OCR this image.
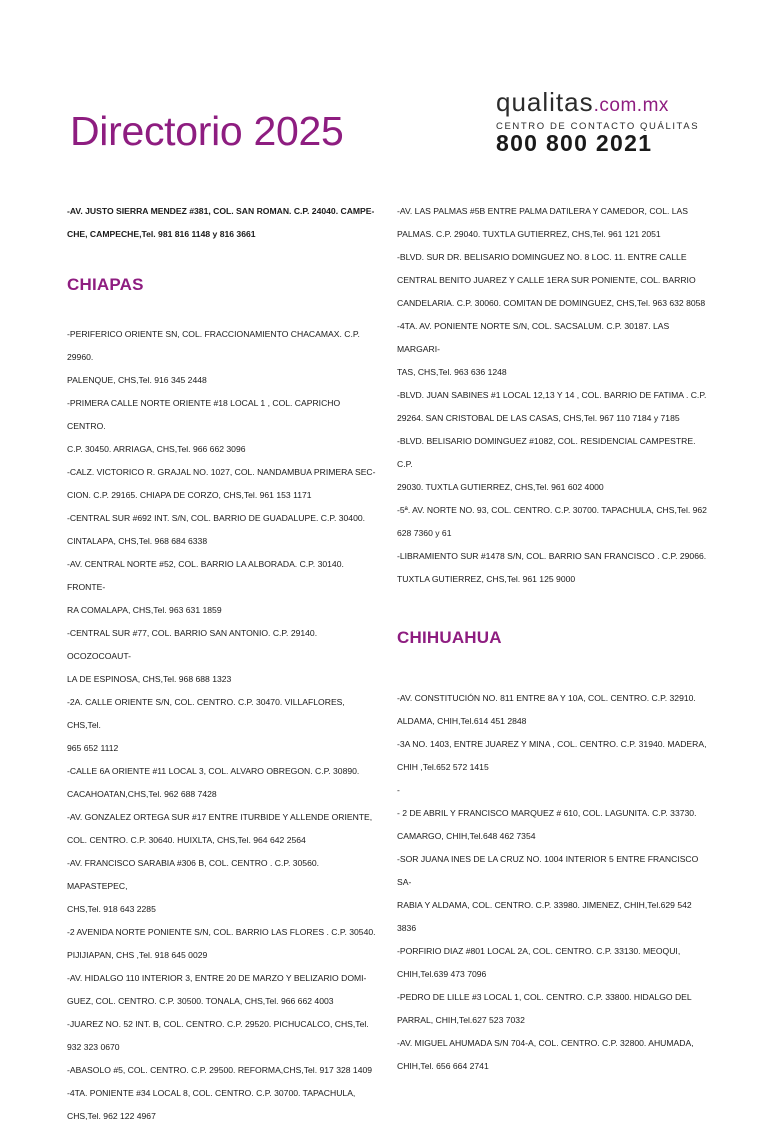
Directorio 2025
qualitas.com.mx
CENTRO DE CONTACTO QUÁLITAS
800 800 2021
-AV. JUSTO SIERRA MENDEZ #381, COL. SAN ROMAN. C.P. 24040. CAMPE-
CHE, CAMPECHE,Tel. 981 816 1148 y 816 3661
CHIAPAS
-PERIFERICO ORIENTE SN, COL. FRACCIONAMIENTO CHACAMAX. C.P. 29960.
PALENQUE, CHS,Tel. 916 345 2448
-PRIMERA CALLE NORTE ORIENTE #18 LOCAL 1 , COL. CAPRICHO CENTRO.
C.P. 30450. ARRIAGA, CHS,Tel. 966 662 3096
-CALZ. VICTORICO R. GRAJAL NO. 1027, COL. NANDAMBUA PRIMERA SEC-
CION. C.P. 29165. CHIAPA DE CORZO, CHS,Tel. 961 153 1171
-CENTRAL SUR #692 INT. S/N, COL. BARRIO DE GUADALUPE. C.P. 30400.
CINTALAPA, CHS,Tel. 968 684 6338
-AV. CENTRAL NORTE #52, COL. BARRIO LA ALBORADA. C.P. 30140. FRONTE-
RA COMALAPA, CHS,Tel. 963 631 1859
-CENTRAL SUR #77, COL. BARRIO SAN ANTONIO. C.P. 29140. OCOZOCOAUT-
LA DE ESPINOSA, CHS,Tel. 968 688 1323
-2A. CALLE ORIENTE S/N, COL. CENTRO. C.P. 30470. VILLAFLORES, CHS,Tel.
965 652 1112
-CALLE 6A ORIENTE #11 LOCAL 3, COL. ALVARO OBREGON. C.P. 30890.
CACAHOATAN,CHS,Tel. 962 688 7428
-AV. GONZALEZ ORTEGA SUR #17 ENTRE ITURBIDE Y ALLENDE ORIENTE,
COL. CENTRO. C.P. 30640. HUIXLTA, CHS,Tel. 964 642 2564
-AV. FRANCISCO SARABIA #306 B, COL. CENTRO . C.P. 30560. MAPASTEPEC,
CHS,Tel. 918 643 2285
-2 AVENIDA NORTE PONIENTE S/N, COL. BARRIO LAS FLORES . C.P. 30540.
PIJIJIAPAN, CHS ,Tel. 918 645 0029
-AV. HIDALGO 110 INTERIOR 3, ENTRE 20 DE MARZO Y BELIZARIO DOMI-
GUEZ, COL. CENTRO. C.P. 30500. TONALA, CHS,Tel. 966 662 4003
-JUAREZ NO. 52 INT. B, COL. CENTRO. C.P. 29520. PICHUCALCO, CHS,Tel.
932 323 0670
-ABASOLO #5, COL. CENTRO. C.P. 29500. REFORMA,CHS,Tel. 917 328 1409
-4TA. PONIENTE #34 LOCAL 8, COL. CENTRO. C.P. 30700. TAPACHULA,
CHS,Tel. 962 122 4967
-AV. LAS PALMAS #5B ENTRE PALMA DATILERA Y CAMEDOR, COL. LAS
PALMAS. C.P. 29040. TUXTLA GUTIERREZ, CHS,Tel. 961 121 2051
-BLVD. SUR DR. BELISARIO DOMINGUEZ NO. 8 LOC. 11. ENTRE CALLE
CENTRAL BENITO JUAREZ Y CALLE 1ERA SUR PONIENTE, COL. BARRIO
CANDELARIA. C.P. 30060. COMITAN DE DOMINGUEZ, CHS,Tel. 963 632 8058
-4TA. AV. PONIENTE NORTE S/N, COL. SACSALUM. C.P. 30187. LAS MARGARI-
TAS, CHS,Tel. 963 636 1248
-BLVD. JUAN SABINES #1 LOCAL 12,13 Y 14 , COL. BARRIO DE FATIMA . C.P.
29264. SAN CRISTOBAL DE LAS CASAS, CHS,Tel. 967 110 7184 y 7185
-BLVD. BELISARIO DOMINGUEZ #1082, COL. RESIDENCIAL CAMPESTRE. C.P.
29030. TUXTLA GUTIERREZ, CHS,Tel. 961 602 4000
-5ª. AV. NORTE NO. 93, COL. CENTRO. C.P. 30700. TAPACHULA, CHS,Tel. 962
628 7360 y 61
-LIBRAMIENTO SUR #1478 S/N, COL. BARRIO SAN FRANCISCO . C.P. 29066.
TUXTLA GUTIERREZ, CHS,Tel. 961 125 9000
CHIHUAHUA
-AV. CONSTITUCIÓN NO. 811 ENTRE 8A Y 10A, COL. CENTRO. C.P. 32910.
ALDAMA, CHIH,Tel.614 451 2848
-3A NO. 1403, ENTRE JUAREZ Y MINA , COL. CENTRO. C.P. 31940. MADERA,
CHIH ,Tel.652 572 1415
-
- 2 DE ABRIL Y FRANCISCO MARQUEZ # 610, COL. LAGUNITA. C.P. 33730.
CAMARGO, CHIH,Tel.648 462 7354
-SOR JUANA INES DE LA CRUZ NO. 1004 INTERIOR 5 ENTRE FRANCISCO SA-
RABIA Y ALDAMA, COL. CENTRO. C.P. 33980. JIMENEZ, CHIH,Tel.629 542 3836
-PORFIRIO DIAZ #801 LOCAL 2A, COL. CENTRO. C.P. 33130. MEOQUI,
CHIH,Tel.639 473 7096
-PEDRO DE LILLE #3 LOCAL 1, COL. CENTRO. C.P. 33800. HIDALGO DEL
PARRAL, CHIH,Tel.627 523 7032
-AV. MIGUEL AHUMADA S/N 704-A, COL. CENTRO. C.P. 32800. AHUMADA,
CHIH,Tel. 656 664 2741
